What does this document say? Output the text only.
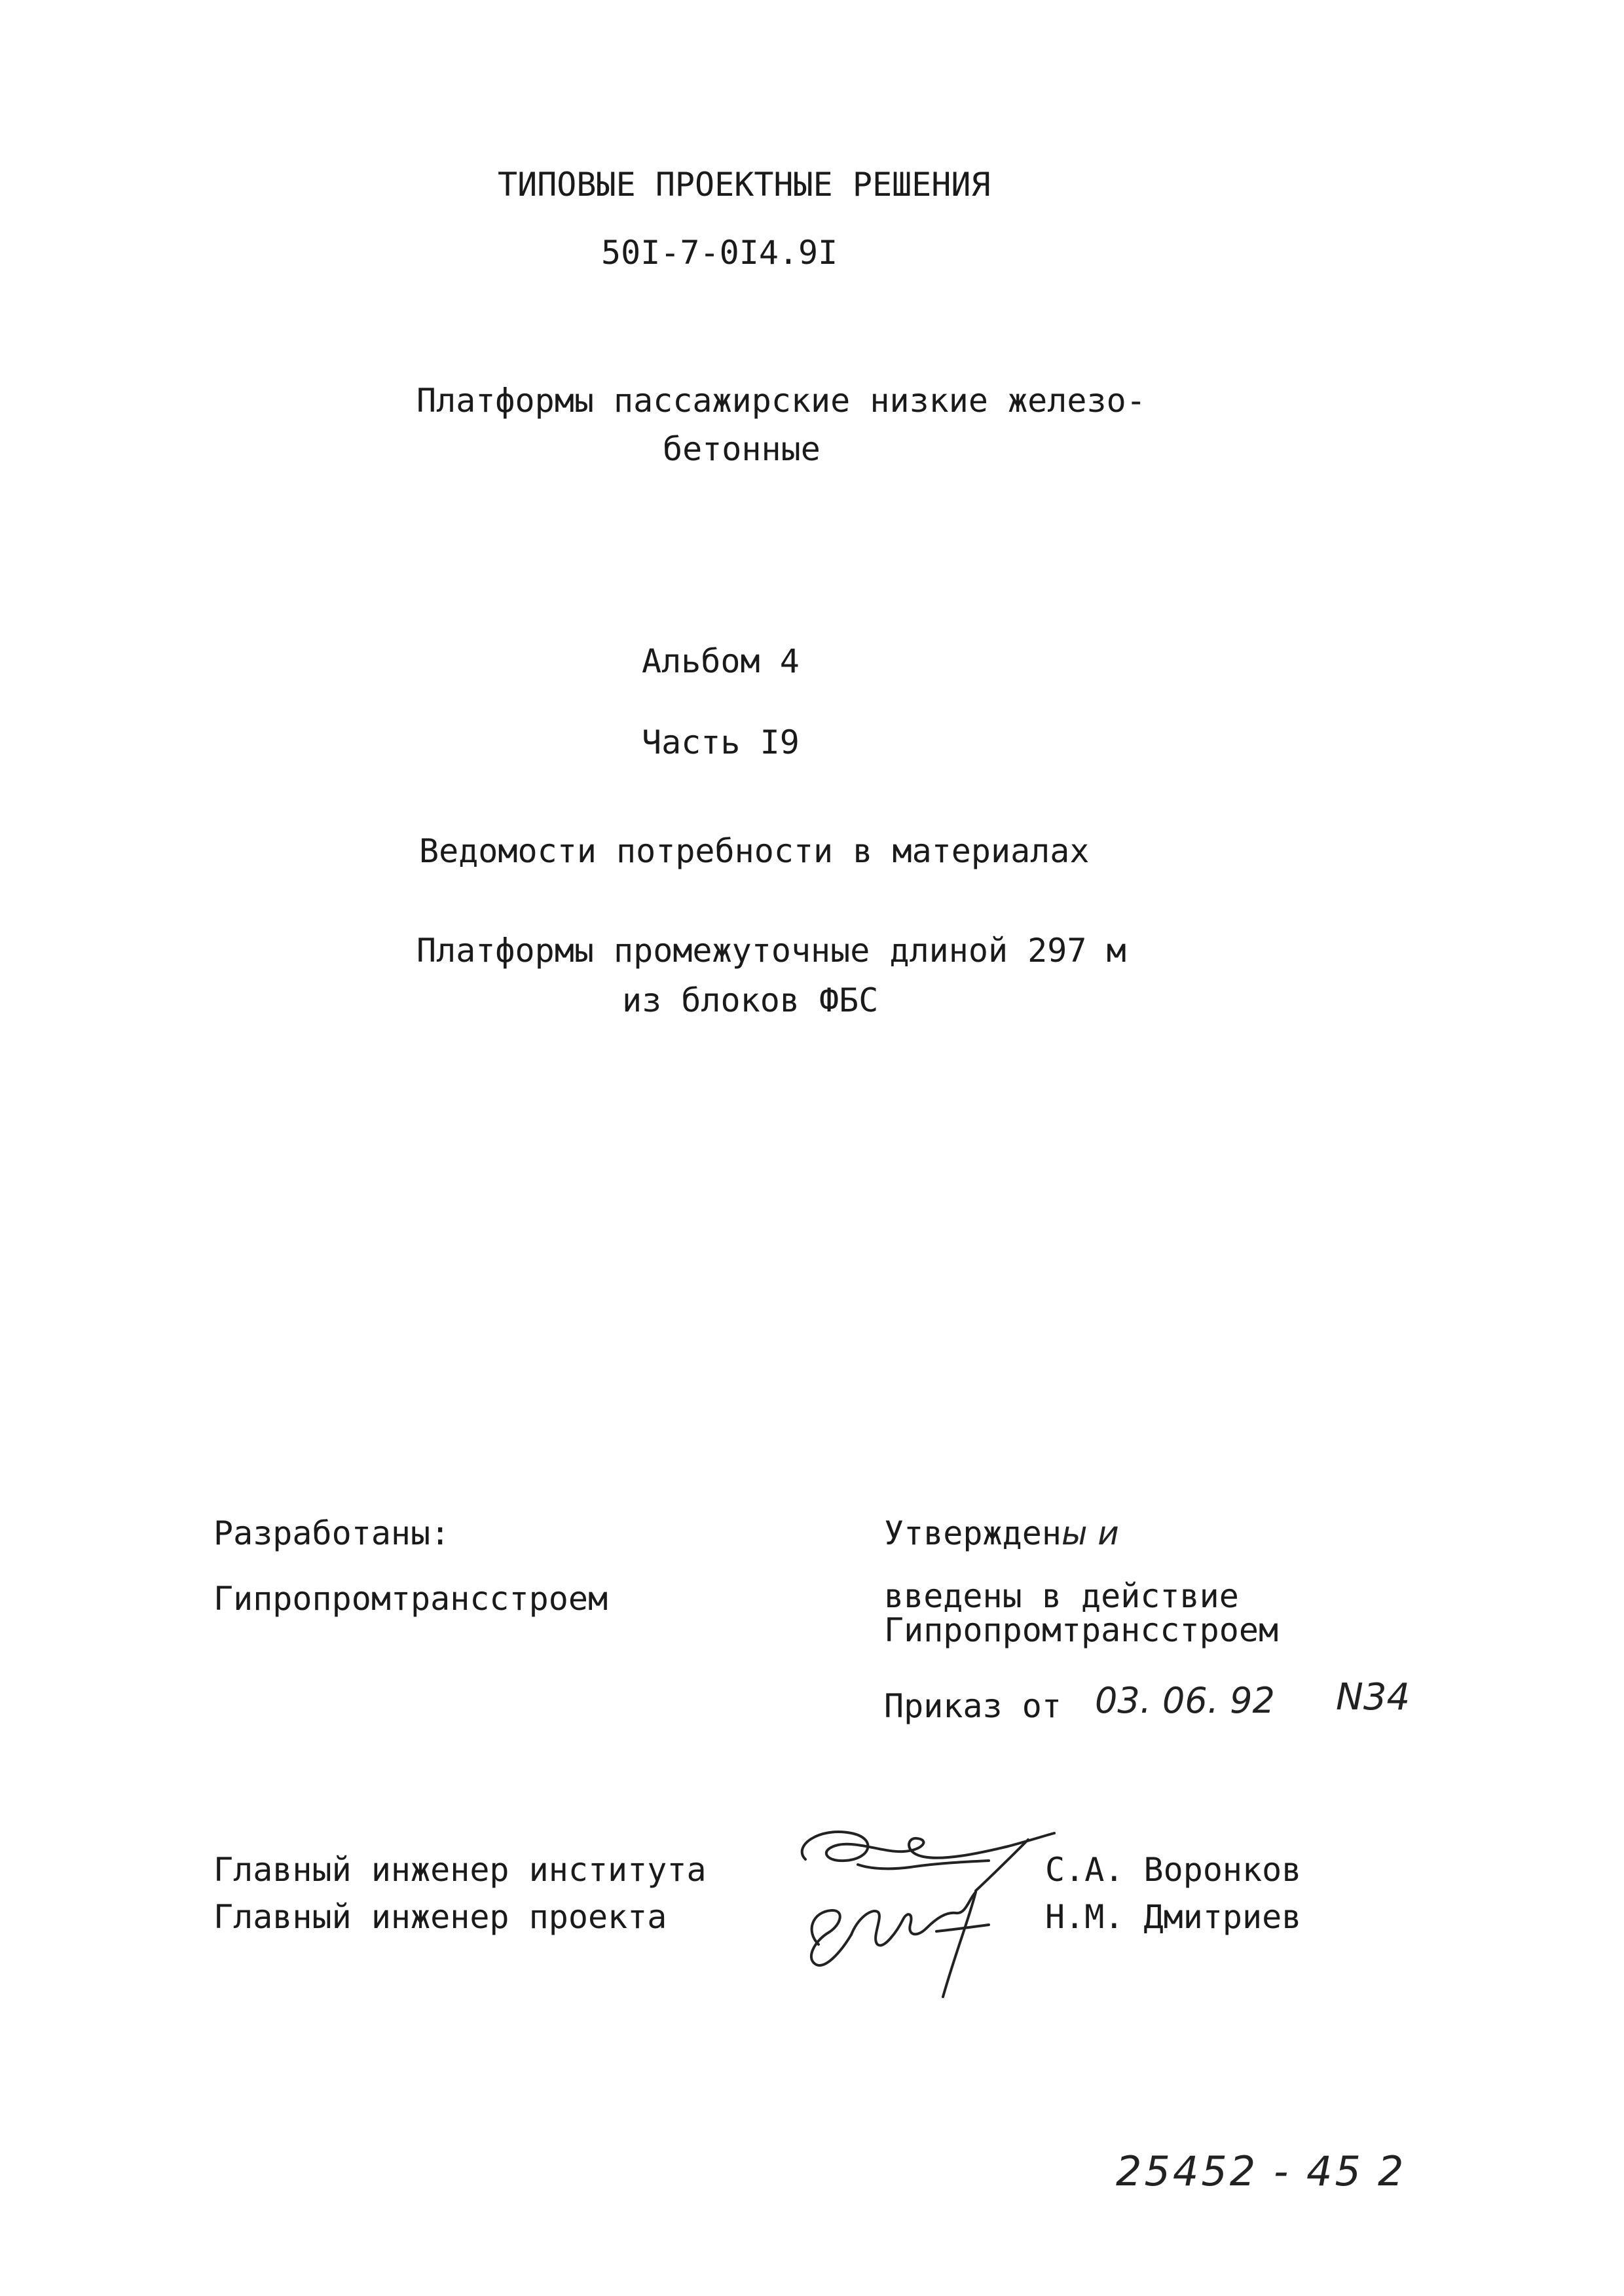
ТИПОВЫЕ ПРОЕКТНЫЕ РЕШЕНИЯ
50I-7-0I4.9I
Платформы пассажирские низкие железо-
бетонные
Альбом 4
Часть I9
Ведомости потребности в материалах
Платформы промежуточные длиной 297 м
из блоков ФБС
Разработаны:
Гипропромтрансстроем
Утверждены и
введены в действие
Гипропромтрансстроем
Приказ от 03. 06. 92 N34
Главный инженер института
Главный инженер проекта
С.А. Воронков
Н.М. Дмитриев
25452 - 45 2
